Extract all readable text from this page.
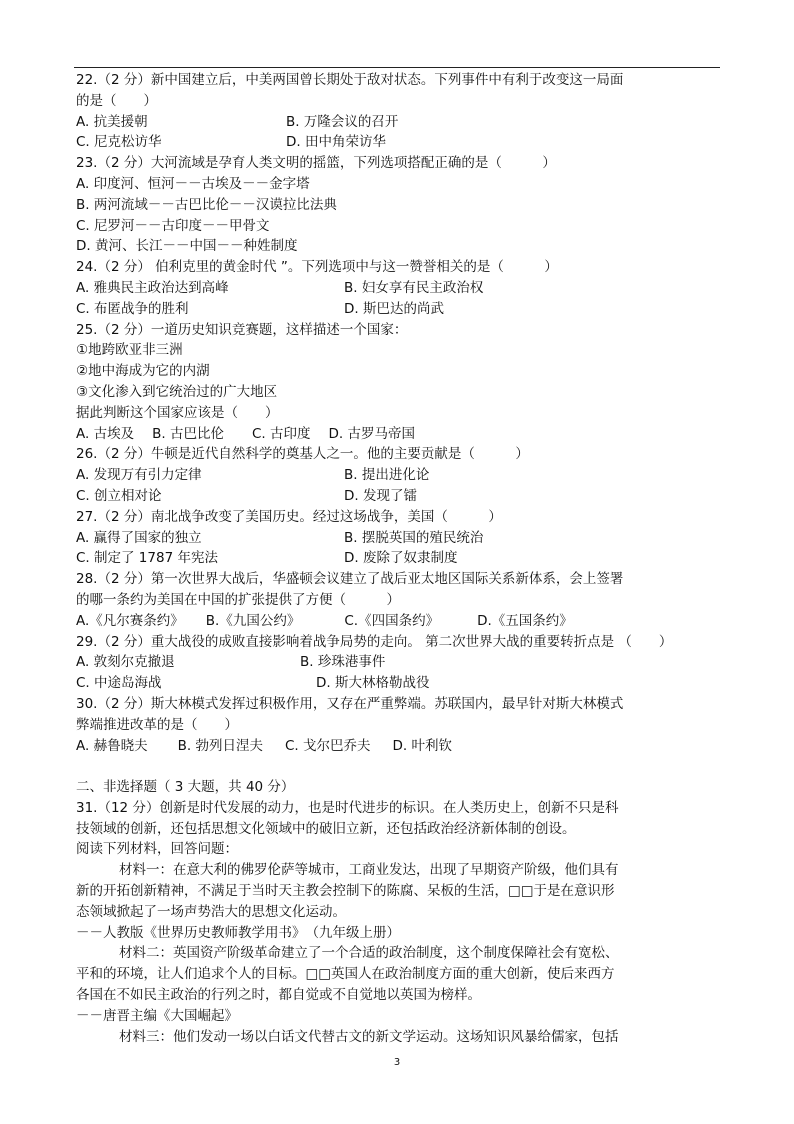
22.（2 分）新中国建立后，中美两国曾长期处于敌对状态。下列事件中有利于改变这一局面
的是（　　）
A. 抗美援朝	B. 万隆会议的召开
C. 尼克松访华	D. 田中角荣访华
23.（2 分）大河流域是孕育人类文明的摇篮，下列选项搭配正确的是（　　　）
A. 印度河、恒河－－古埃及－－金字塔
B. 两河流域－－古巴比伦－－汉谟拉比法典
C. 尼罗河－－古印度－－甲骨文
D. 黄河、长江－－中国－－种姓制度
24.（2 分） 伯利克里的黄金时代 ”。下列选项中与这一赞誉相关的是（　　　）
A. 雅典民主政治达到高峰	B. 妇女享有民主政治权
C. 布匿战争的胜利	D. 斯巴达的尚武
25.（2 分）一道历史知识竞赛题，这样描述一个国家：
①地跨欧亚非三洲
②地中海成为它的内湖
③文化渗入到它统治过的广大地区
据此判断这个国家应该是（　　）
A. 古埃及 B. 古巴比伦 C. 古印度 D. 古罗马帝国
26.（2 分）牛顿是近代自然科学的奠基人之一。他的主要贡献是（　　　）
A. 发现万有引力定律	B. 提出进化论
C. 创立相对论	D. 发现了镭
27.（2 分）南北战争改变了美国历史。经过这场战争，美国（　　　）
A. 赢得了国家的独立	B. 摆脱英国的殖民统治
C. 制定了 1787 年宪法	D. 废除了奴隶制度
28.（2 分）第一次世界大战后，华盛顿会议建立了战后亚太地区国际关系新体系，会上签署
的哪一条约为美国在中国的扩张提供了方便（　　　）
A.《凡尔赛条约》 B.《九国公约》	C.《四国条约》	D.《五国条约》
29.（2 分）重大战役的成败直接影响着战争局势的走向。 第二次世界大战的重要转折点是 （　　）
A. 敦刻尔克撤退	B. 珍珠港事件
C. 中途岛海战	D. 斯大林格勒战役
30.（2 分）斯大林模式发挥过积极作用，又存在严重弊端。苏联国内，最早针对斯大林模式
弊端推进改革的是（　　）
A. 赫鲁晓夫 B. 勃列日涅夫 C. 戈尔巴乔夫 D. 叶利钦
二、非选择题（ 3 大题，共 40 分）
31.（12 分）创新是时代发展的动力，也是时代进步的标识。在人类历史上，创新不只是科
技领域的创新，还包括思想文化领域中的破旧立新，还包括政治经济新体制的创设。
阅读下列材料，回答问题：
材料一：在意大利的佛罗伦萨等城市，工商业发达，出现了早期资产阶级，他们具有
新的开拓创新精神，不满足于当时天主教会控制下的陈腐、呆板的生活，□□于是在意识形
态领域掀起了一场声势浩大的思想文化运动。
－－人教版《世界历史教师教学用书》　（九年级上册）
材料二：英国资产阶级革命建立了一个合适的政治制度，这个制度保障社会有宽松、
平和的环境，让人们追求个人的目标。□□英国人在政治制度方面的重大创新，使后来西方
各国在不如民主政治的行列之时，都自觉或不自觉地以英国为榜样。
－－唐晋主编《大国崛起》
材料三：他们发动一场以白话文代替古文的新文学运动。这场知识风暴给儒家，包括
3
